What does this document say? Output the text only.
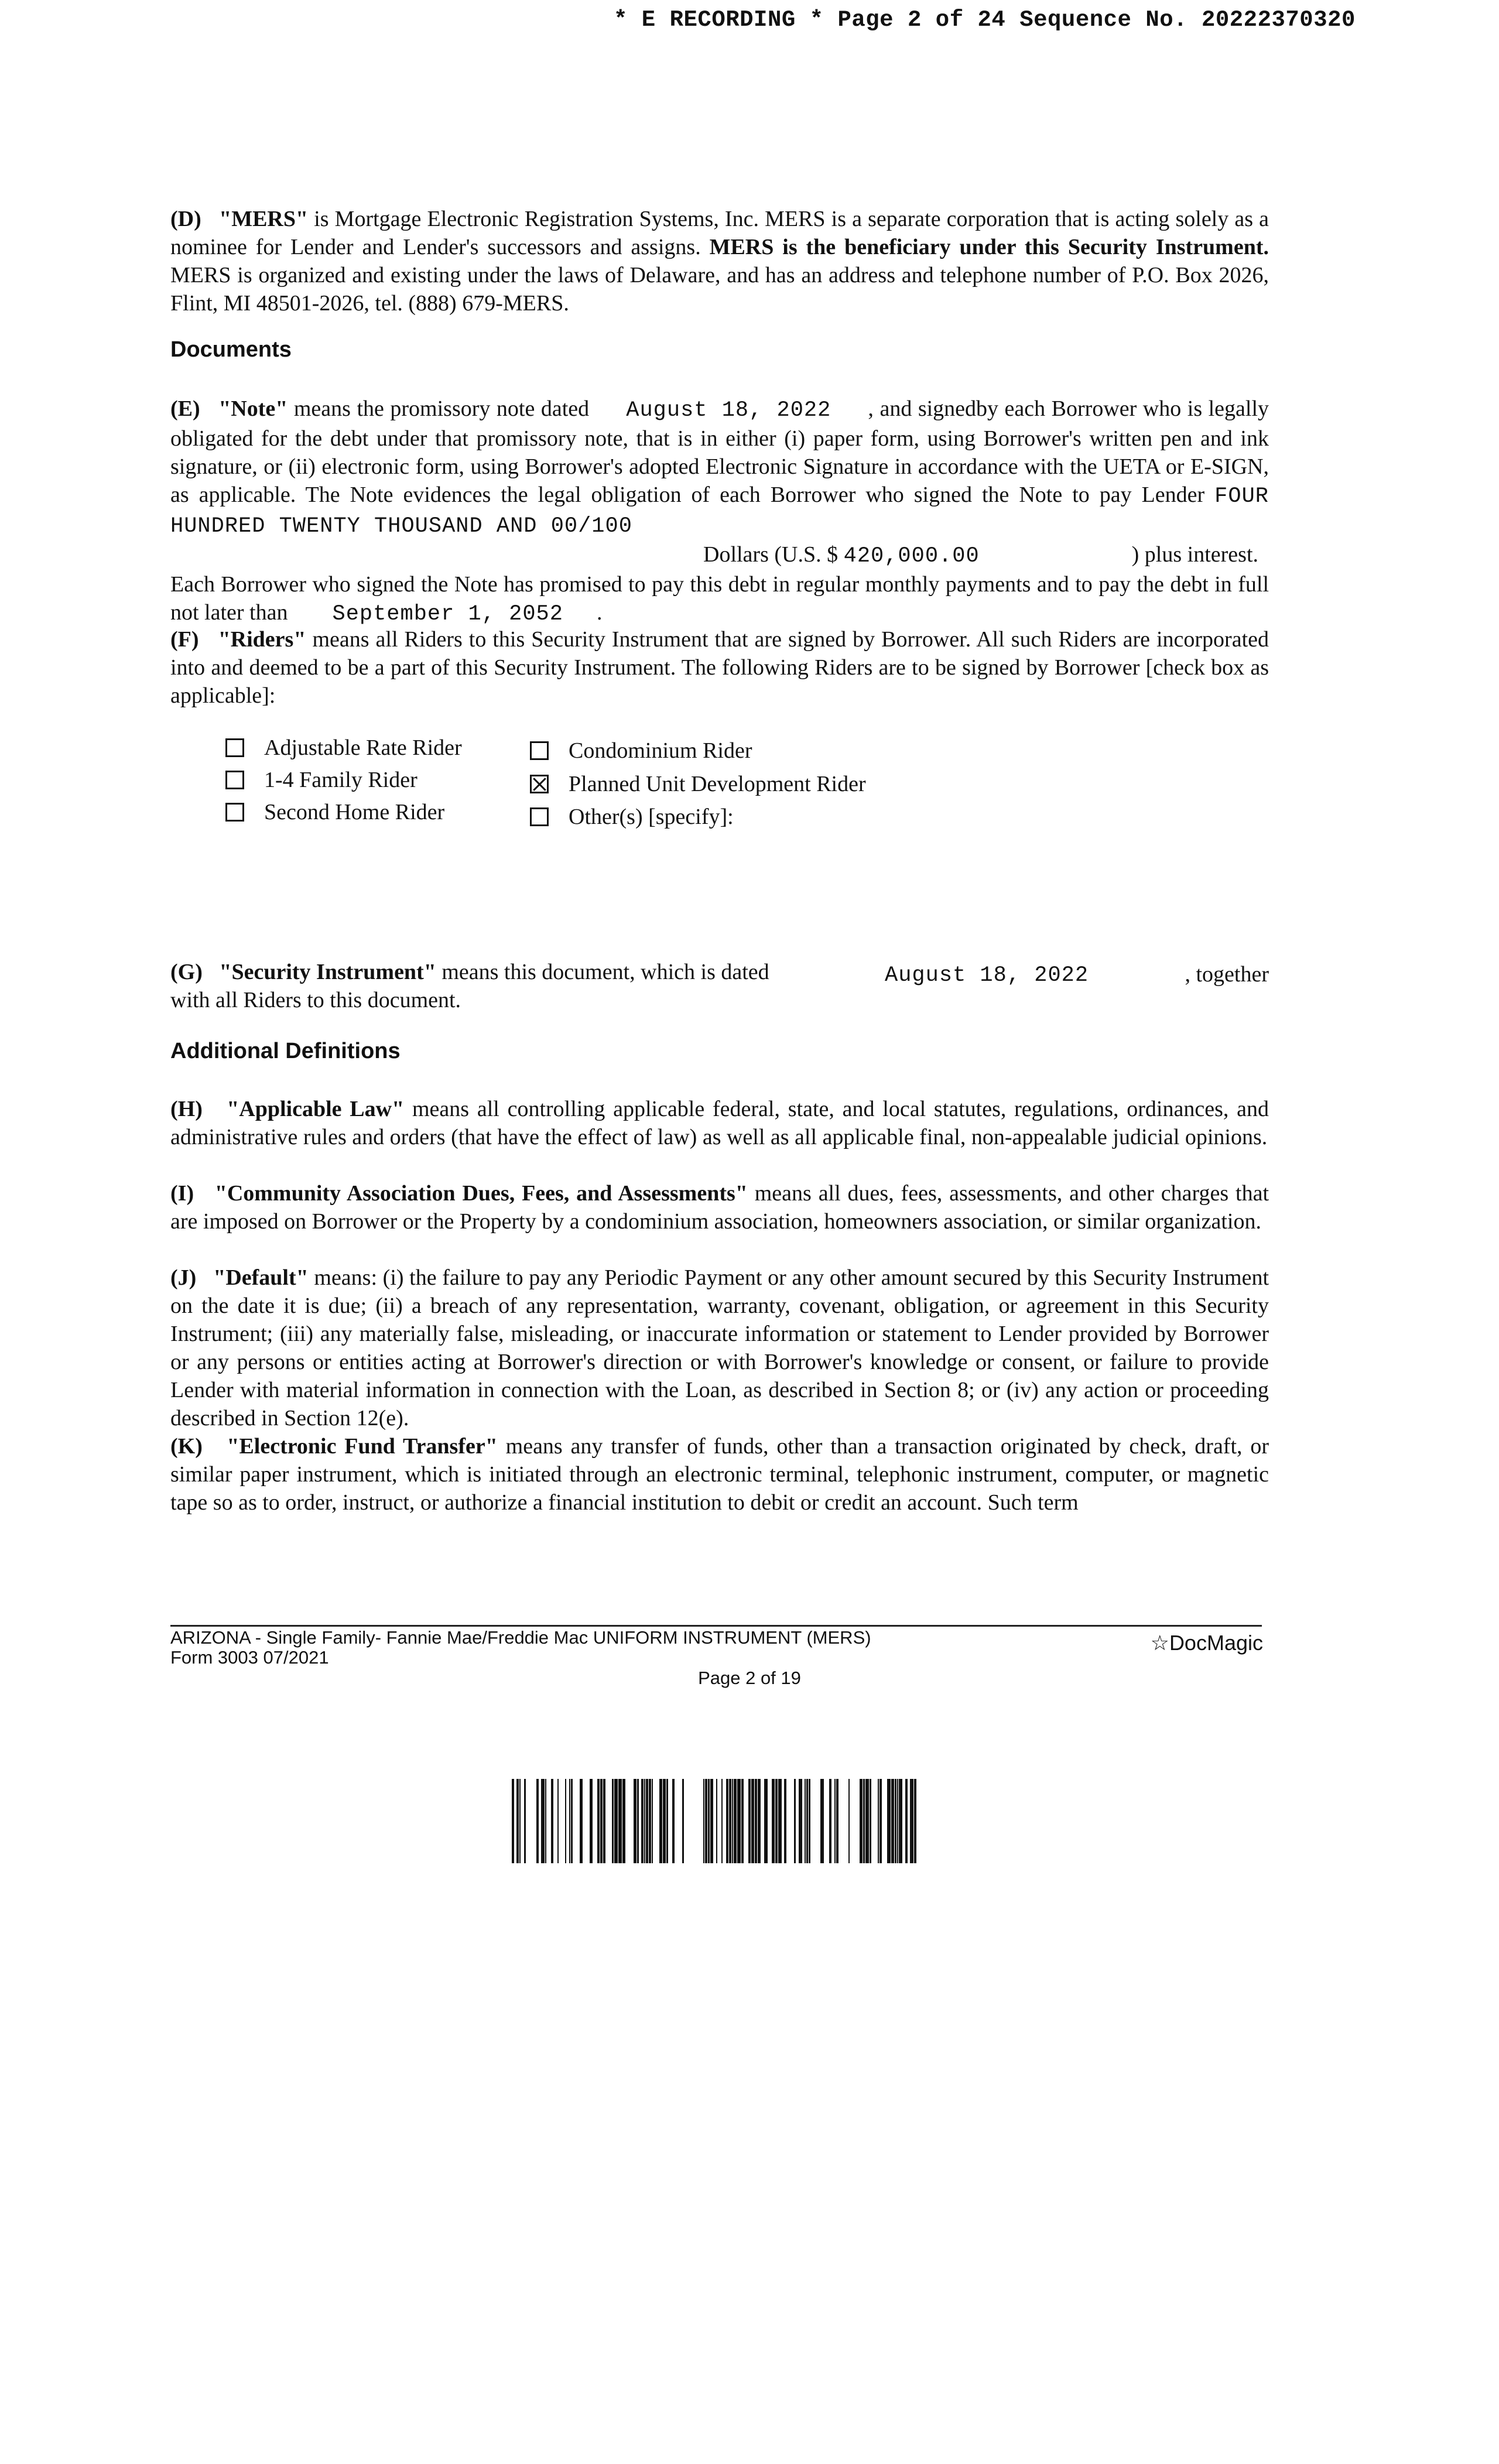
* E RECORDING * Page 2 of 24 Sequence No. 20222370320

(D) "MERS" is Mortgage Electronic Registration Systems, Inc. MERS is a separate corporation that is acting solely as a nominee for Lender and Lender's successors and assigns. MERS is the beneficiary under this Security Instrument. MERS is organized and existing under the laws of Delaware, and has an address and telephone number of P.O. Box 2026, Flint, MI 48501-2026, tel. (888) 679-MERS.

Documents

(E) "Note" means the promissory note dated      August 18, 2022      , and signedby each Borrower who is legally obligated for the debt under that promissory note, that is in either (i) paper form, using Borrower's written pen and ink signature, or (ii) electronic form, using Borrower's adopted Electronic Signature in accordance with the UETA or E-SIGN, as applicable. The Note evidences the legal obligation of each Borrower who signed the Note to pay Lender FOUR HUNDRED TWENTY THOUSAND AND 00/100

Dollars (U.S. $ 420,000.00	) plus interest.

Each Borrower who signed the Note has promised to pay this debt in regular monthly payments and to pay the debt in full not later than        September 1, 2052      .

(F) "Riders" means all Riders to this Security Instrument that are signed by Borrower. All such Riders are incorporated into and deemed to be a part of this Security Instrument. The following Riders are to be signed by Borrower [check box as applicable]:

Adjustable Rate Rider
1-4 Family Rider
Second Home Rider
Condominium Rider
Planned Unit Development Rider
Other(s) [specify]:

(G) "Security Instrument" means this document, which is dated	August 18, 2022	, together

with all Riders to this document.

Additional Definitions

(H) "Applicable Law" means all controlling applicable federal, state, and local statutes, regulations, ordinances, and administrative rules and orders (that have the effect of law) as well as all applicable final, non-appealable judicial opinions.

(I) "Community Association Dues, Fees, and Assessments" means all dues, fees, assessments, and other charges that are imposed on Borrower or the Property by a condominium association, homeowners association, or similar organization.

(J) "Default" means: (i) the failure to pay any Periodic Payment or any other amount secured by this Security Instrument on the date it is due; (ii) a breach of any representation, warranty, covenant, obligation, or agreement in this Security Instrument; (iii) any materially false, misleading, or inaccurate information or statement to Lender provided by Borrower or any persons or entities acting at Borrower's direction or with Borrower's knowledge or consent, or failure to provide Lender with material information in connection with the Loan, as described in Section 8; or (iv) any action or proceeding described in Section 12(e).

(K) "Electronic Fund Transfer" means any transfer of funds, other than a transaction originated by check, draft, or similar paper instrument, which is initiated through an electronic terminal, telephonic instrument, computer, or magnetic tape so as to order, instruct, or authorize a financial institution to debit or credit an account. Such term

ARIZONA - Single Family- Fannie Mae/Freddie Mac UNIFORM INSTRUMENT (MERS)
Form 3003 07/2021
☆DocMagic
Page 2 of 19
